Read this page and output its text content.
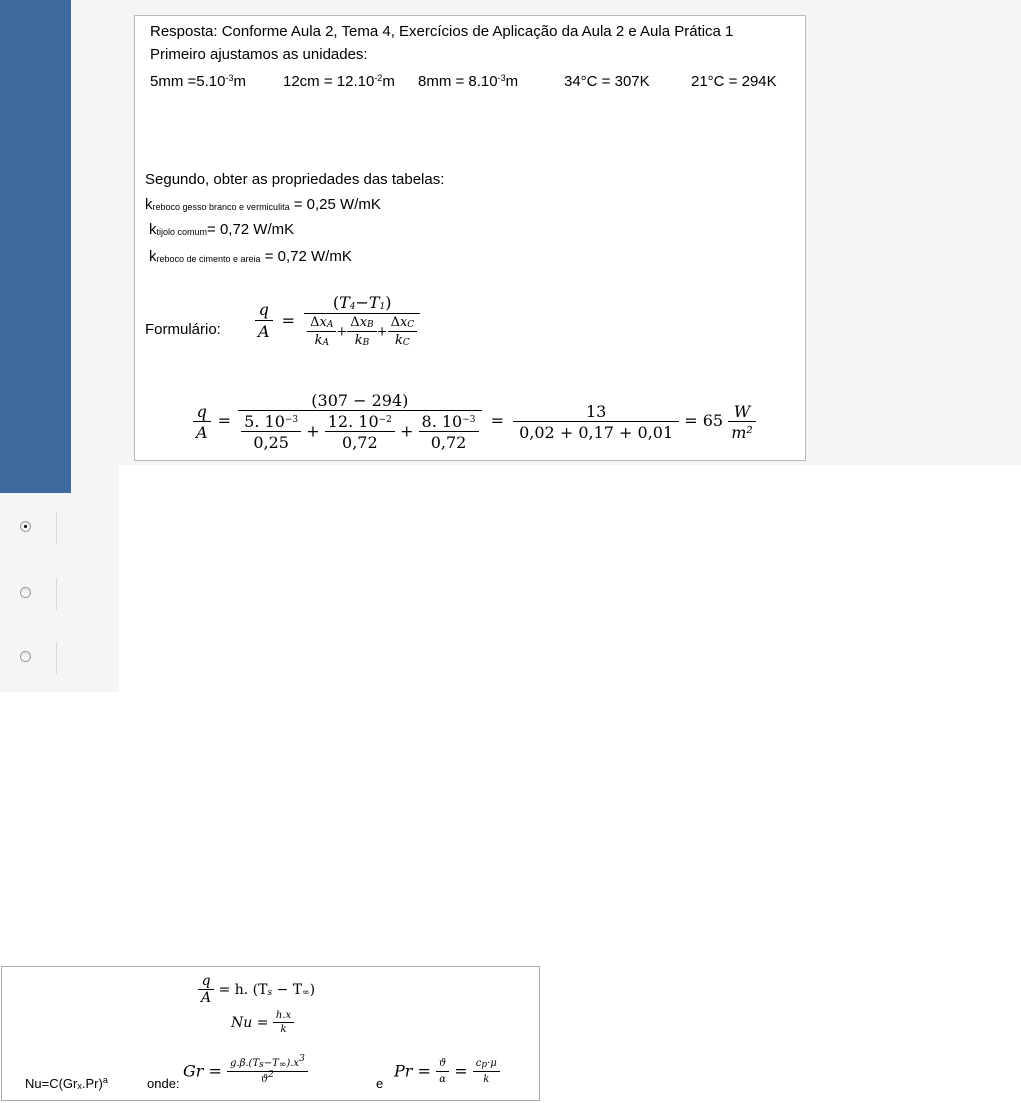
Resposta: Conforme Aula 2, Tema 4, Exercícios de Aplicação da Aula 2 e Aula Prática 1
Primeiro ajustamos as unidades:
$5mm =5.10^{-3}m$ $12cm = 12.10^{-2}m$ $8mm = 8.10^{-3}m$	34°C = 307K	21°C = 294K
Segundo, obter as propriedades das tabelas:
$k_{reboco gesso branco e vermiculita} = 0,25$ W/mK
$k_{tijolo comum}= 0,72$ W/mK
$k_{reboco de cimento e areia} = 0,72$ W/mK
Formulário: $\frac{q}{A} = \frac{(T_4-T_1)}{\frac{\Delta x_A}{k_A} + \frac{\Delta x_B}{k_B} + \frac{\Delta x_C}{k_C}}$
$\frac{q}{A}$ =
(307 − 294)
$\frac{5. 10^{-3}}{0,25} + \frac{12. 10^{-2}}{0,72} + \frac{8. 10^{-3}}{0,72} = \frac{13}{0,02 + 0,17 + 0,01} = 65 \frac{W}{\text{m²}}$
$\frac{q}{A} = h$. $(T_s - T_\infty)$
$Nu = \frac{h.x}{k}$
$Nu=C(Gr_x.Pr)^a$	onde:
$Gr = \frac{g.\beta.(T_s-T_\infty).x^3}{ϑ^2}$	e
$Pr = \frac{ϑ}{\alpha} = \frac{c_p\cdot\mu}{k}$
